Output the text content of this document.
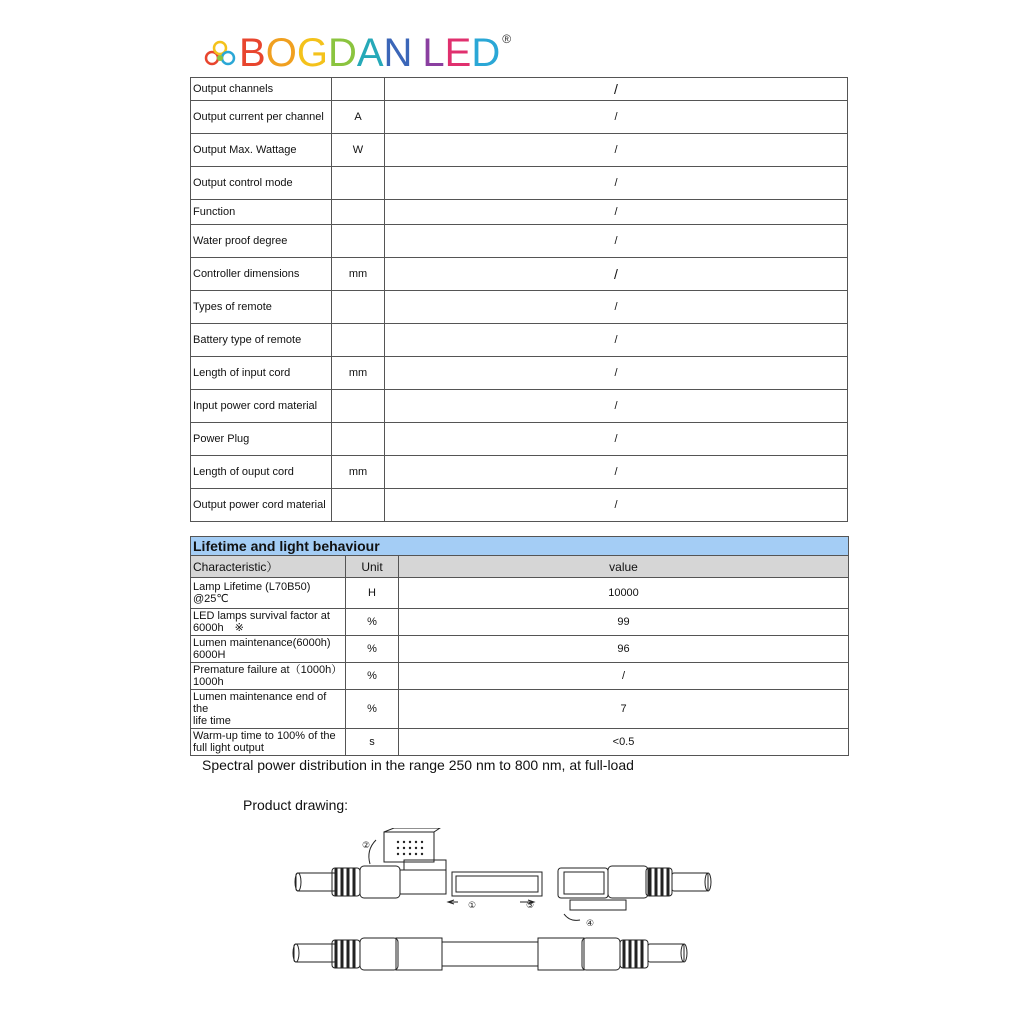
BOGDAN LED ®
Output channels		/
Output current per channel	A	/
Output Max. Wattage	W	/
Output control mode		/
Function		/
Water proof degree		/
Controller dimensions	mm	/
Types of remote		/
Battery type of remote		/
Length of input cord	mm	/
Input power cord material		/
Power Plug		/
Length of ouput cord	mm	/
Output power cord material		/
Lifetime and light behaviour		
Characteristic）	Unit	value

Lamp Lifetime (L70B50)
@25℃	H	10000

LED lamps survival factor at
6000h　※	%	99

Lumen maintenance(6000h)
6000H	%	96

Premature failure at（1000h）
1000h	%	/

Lumen maintenance end of the
life time	%	7

Warm-up time to 100% of the
full light output	s	<0.5
Spectral power distribution in the range 250 nm to 800 nm, at full-load
Product drawing:
②
①	③
④
